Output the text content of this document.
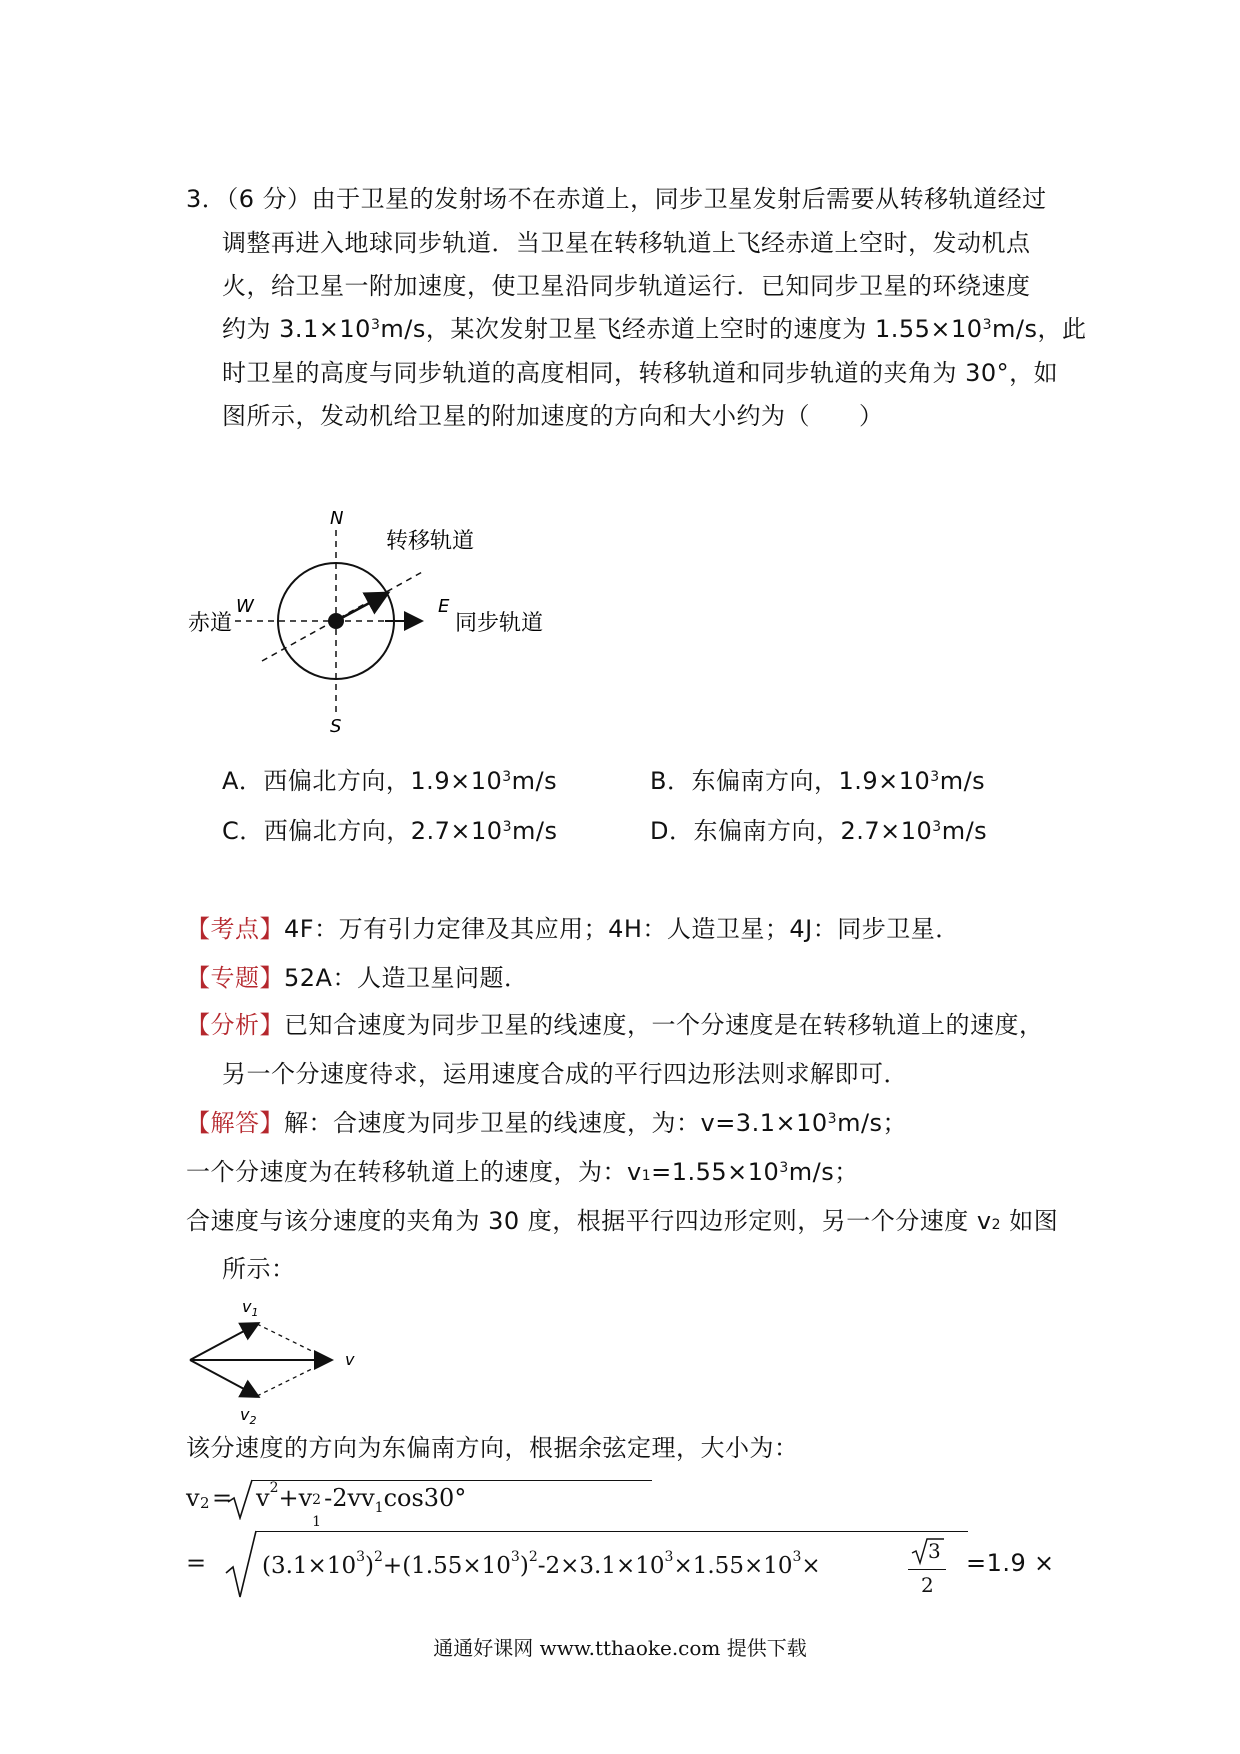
3．（6 分）由于卫星的发射场不在赤道上，同步卫星发射后需要从转移轨道经过
调整再进入地球同步轨道．当卫星在转移轨道上飞经赤道上空时，发动机点
火，给卫星一附加速度，使卫星沿同步轨道运行．已知同步卫星的环绕速度
约为 $3.1\times 10^3m/s$，某次发射卫星飞经赤道上空时的速度为 $1.55\times 10^3m/s$，此
时卫星的高度与同步轨道的高度相同，转移轨道和同步轨道的夹角为 30°，如
图所示，发动机给卫星的附加速度的方向和大小约为（　　）
N
S
W	E
赤道
转移轨道
同步轨道
A．西偏北方向，$1.9\times 10^3m/s$	B．东偏南方向，$1.9\times 10^3m/s$
C．西偏北方向，$2.7\times 10^3m/s$	D．东偏南方向，$2.7\times 10^3m/s$
【考点】4F：万有引力定律及其应用；4H：人造卫星；4J：同步卫星．
【专题】52A：人造卫星问题．
【分析】已知合速度为同步卫星的线速度，一个分速度是在转移轨道上的速度，
另一个分速度待求，运用速度合成的平行四边形法则求解即可．
【解答】解：合速度为同步卫星的线速度，为：$v=3.1\times 10^3m/s$；
一个分速度为在转移轨道上的速度，为：$v_1=1.55\times 10^3m/s$；
合速度与该分速度的夹角为 30 度，根据平行四边形定则，另一个分速度 $v_2$ 如图
所示：
$v_1$
v
$v_2$
该分速度的方向为东偏南方向，根据余弦定理，大小为：
v $2 = v^2+v$ 2
1
$-2vv_1\cos 30^\circ$
= $(3.1\times 10^3)^2+(1.55\times 10^3)^2-2\times 3.1\times 10^3\times 1.55\times 10^3\times$
3
2
=1.9 ×
通通好课网 www.tthaoke.com 提供下载
